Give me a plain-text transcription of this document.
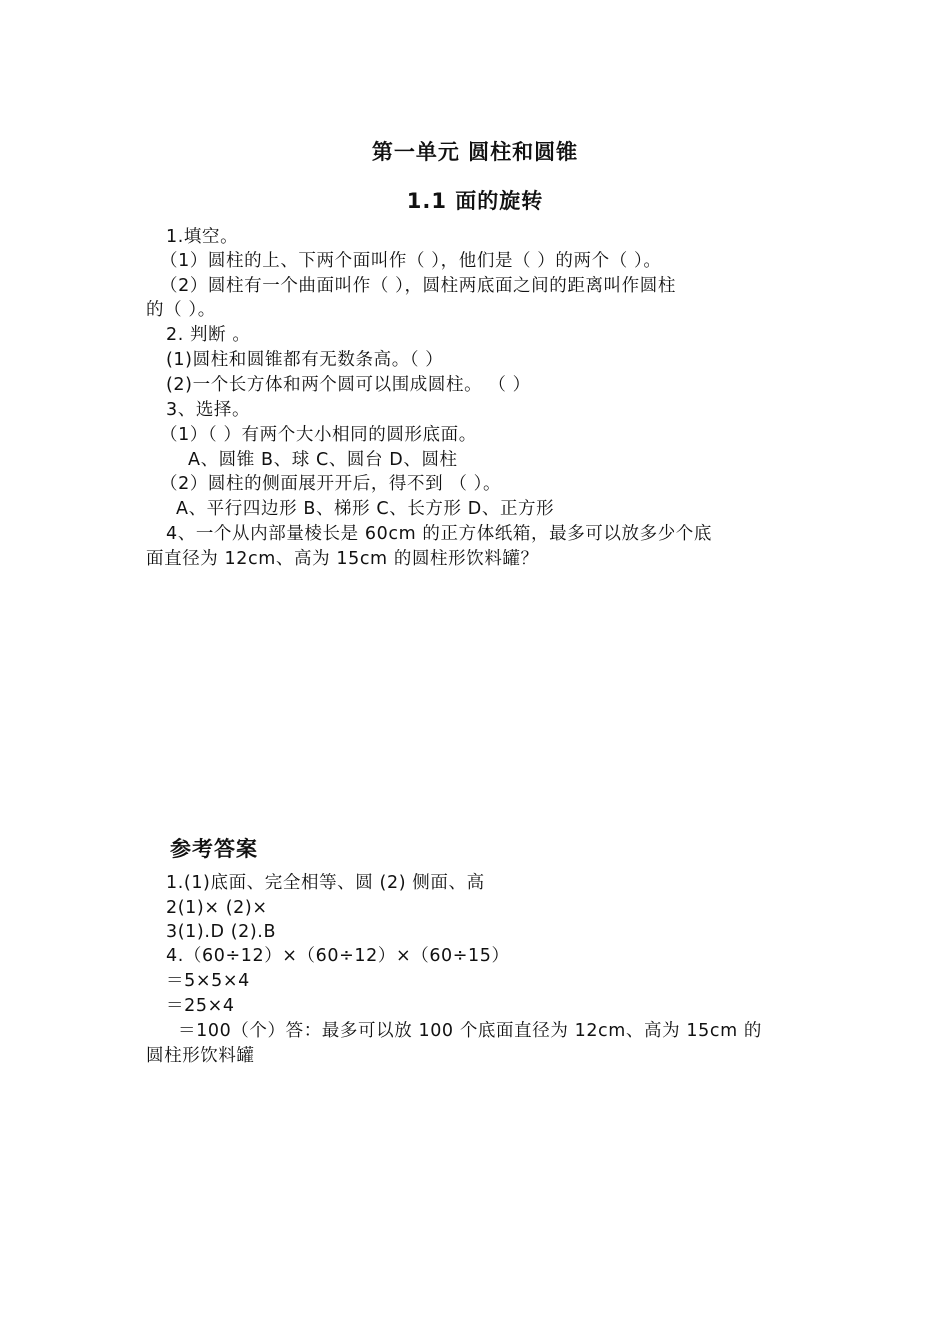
第一单元 圆柱和圆锥
1.1 面的旋转
1.填空。
（1）圆柱的上、下两个面叫作（ ），他们是（ ）的两个（ ）。
（2）圆柱有一个曲面叫作（ ），圆柱两底面之间的距离叫作圆柱
的（ ）。
2. 判断 。
(1)圆柱和圆锥都有无数条高。（ ）
(2)一个长方体和两个圆可以围成圆柱。 （ ）
3、选择。
（1）（ ）有两个大小相同的圆形底面。
A、圆锥 B、球 C、圆台 D、圆柱
（2）圆柱的侧面展开开后，得不到 （ ）。
A、平行四边形 B、梯形 C、长方形 D、正方形
4、一个从内部量棱长是 60cm 的正方体纸箱，最多可以放多少个底
面直径为 12cm、高为 15cm 的圆柱形饮料罐？
参考答案
1.(1)底面、完全相等、圆 (2) 侧面、高
2(1)× (2)×
3(1).D (2).B
4.（60÷12）×（60÷12）×（60÷15）
＝5×5×4
＝25×4
＝100（个）答：最多可以放 100 个底面直径为 12cm、高为 15cm 的
圆柱形饮料罐
